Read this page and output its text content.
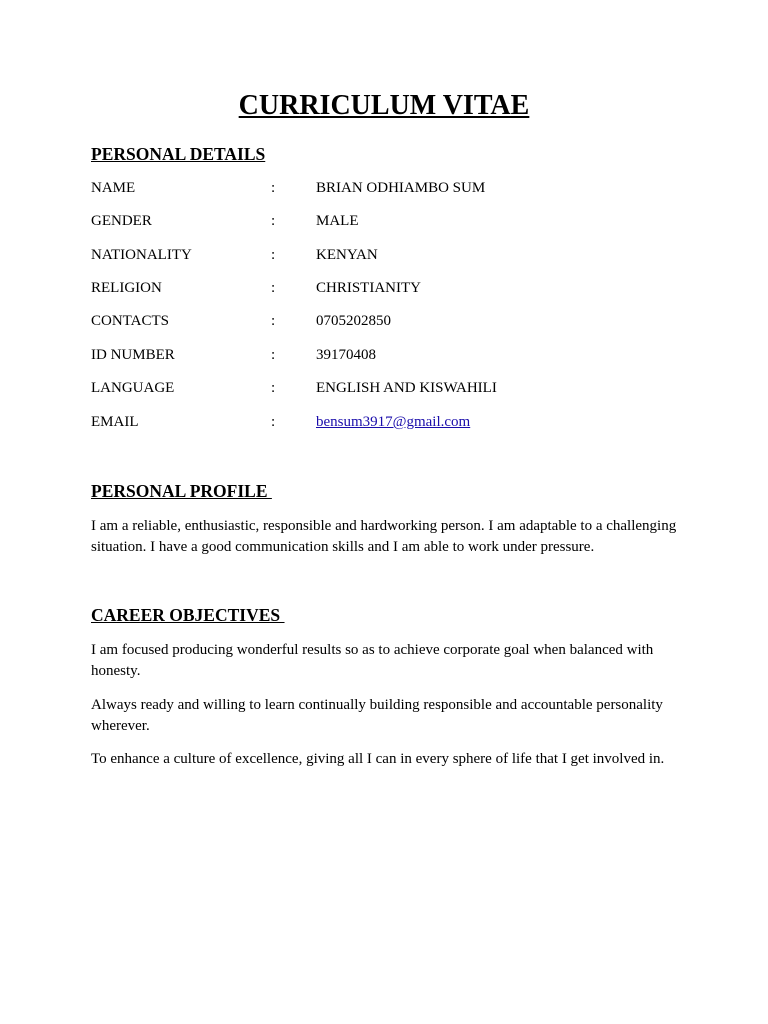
CURRICULUM VITAE
PERSONAL DETAILS
NAME	:	BRIAN ODHIAMBO SUM
GENDER	:	MALE
NATIONALITY	:	KENYAN
RELIGION	:	CHRISTIANITY
CONTACTS	:	0705202850
ID NUMBER	:	39170408
LANGUAGE	:	ENGLISH AND KISWAHILI
EMAIL	:	bensum3917@gmail.com
PERSONAL PROFILE

I am a reliable, enthusiastic, responsible and hardworking person. I am adaptable to a challenging situation. I have a good communication skills and I am able to work under pressure.

CAREER OBJECTIVES

I am focused producing wonderful results so as to achieve corporate goal when balanced with honesty.

Always ready and willing to learn continually building responsible and accountable personality wherever.

To enhance a culture of excellence, giving all I can in every sphere of life that I get involved in.
